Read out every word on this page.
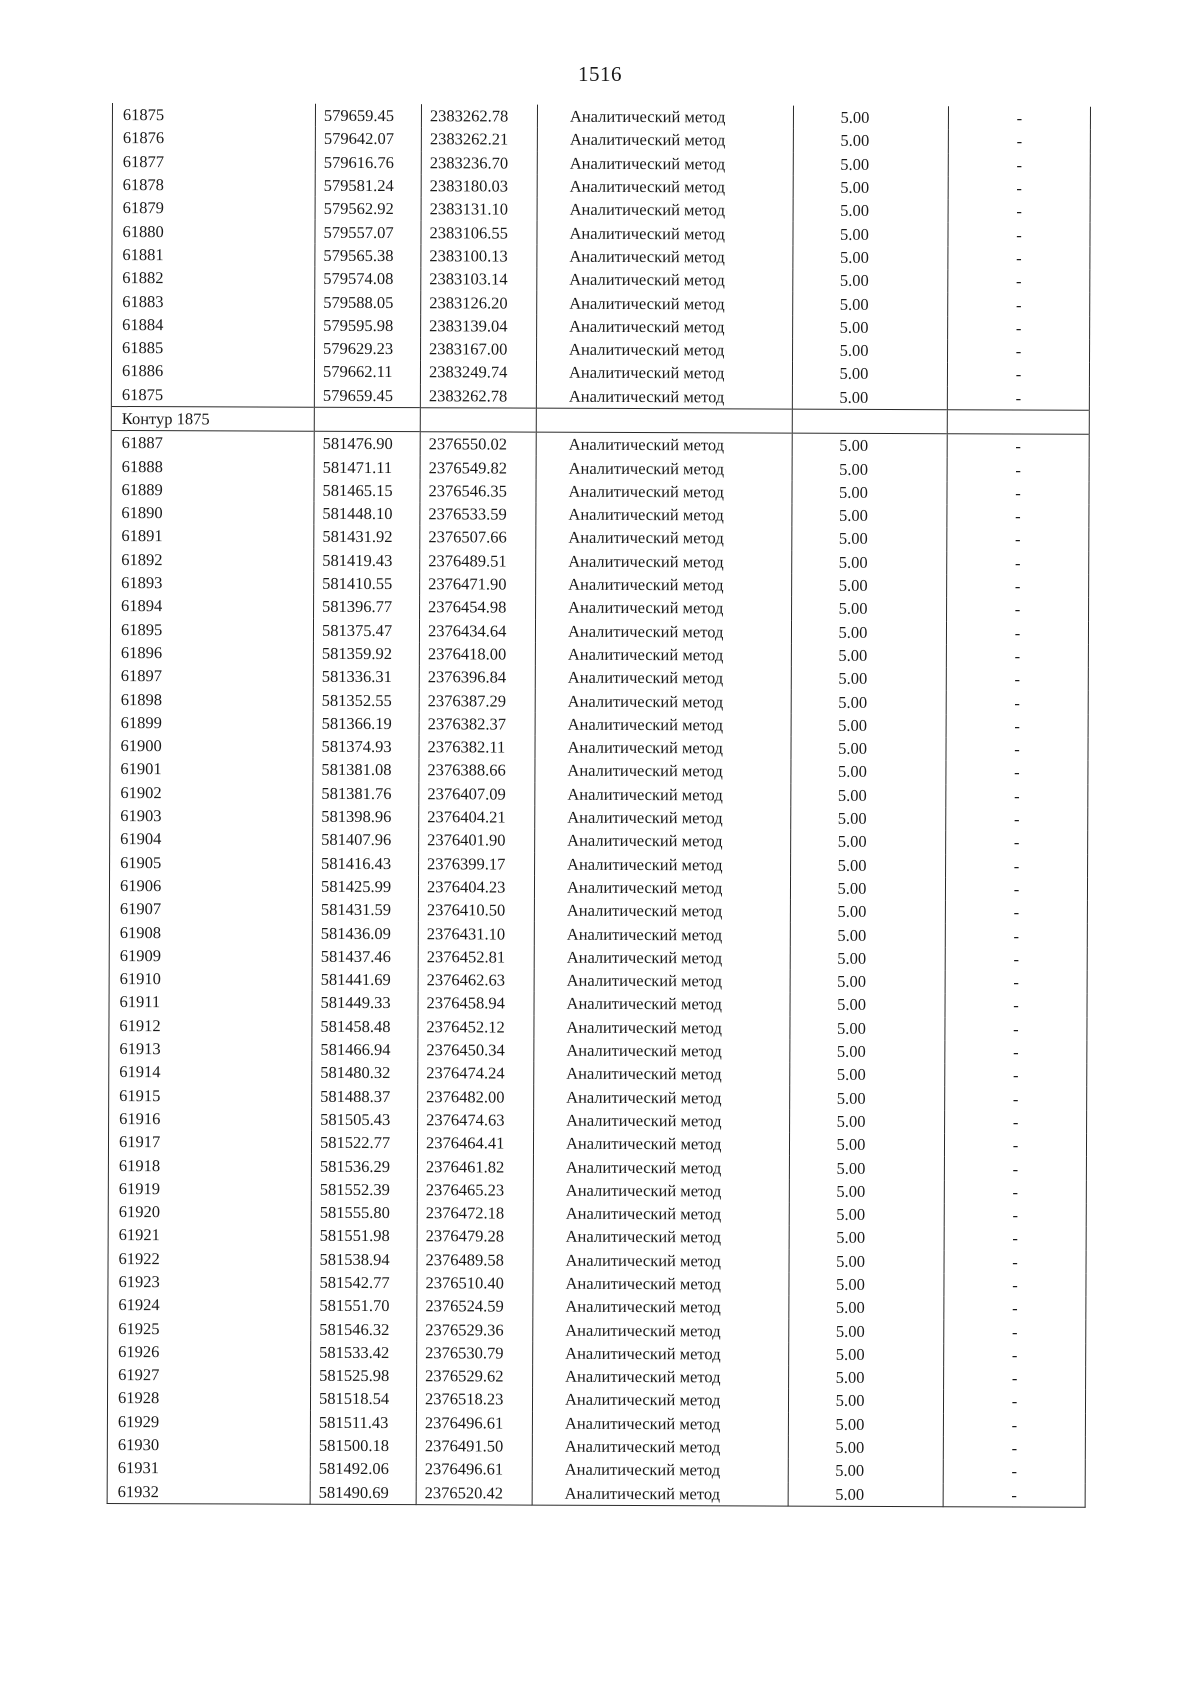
1516
61875	579659.45	2383262.78	Аналитический метод	5.00	-
61876	579642.07	2383262.21	Аналитический метод	5.00	-
61877	579616.76	2383236.70	Аналитический метод	5.00	-
61878	579581.24	2383180.03	Аналитический метод	5.00	-
61879	579562.92	2383131.10	Аналитический метод	5.00	-
61880	579557.07	2383106.55	Аналитический метод	5.00	-
61881	579565.38	2383100.13	Аналитический метод	5.00	-
61882	579574.08	2383103.14	Аналитический метод	5.00	-
61883	579588.05	2383126.20	Аналитический метод	5.00	-
61884	579595.98	2383139.04	Аналитический метод	5.00	-
61885	579629.23	2383167.00	Аналитический метод	5.00	-
61886	579662.11	2383249.74	Аналитический метод	5.00	-
61875	579659.45	2383262.78	Аналитический метод	5.00	-
Контур 1875					
61887	581476.90	2376550.02	Аналитический метод	5.00	-
61888	581471.11	2376549.82	Аналитический метод	5.00	-
61889	581465.15	2376546.35	Аналитический метод	5.00	-
61890	581448.10	2376533.59	Аналитический метод	5.00	-
61891	581431.92	2376507.66	Аналитический метод	5.00	-
61892	581419.43	2376489.51	Аналитический метод	5.00	-
61893	581410.55	2376471.90	Аналитический метод	5.00	-
61894	581396.77	2376454.98	Аналитический метод	5.00	-
61895	581375.47	2376434.64	Аналитический метод	5.00	-
61896	581359.92	2376418.00	Аналитический метод	5.00	-
61897	581336.31	2376396.84	Аналитический метод	5.00	-
61898	581352.55	2376387.29	Аналитический метод	5.00	-
61899	581366.19	2376382.37	Аналитический метод	5.00	-
61900	581374.93	2376382.11	Аналитический метод	5.00	-
61901	581381.08	2376388.66	Аналитический метод	5.00	-
61902	581381.76	2376407.09	Аналитический метод	5.00	-
61903	581398.96	2376404.21	Аналитический метод	5.00	-
61904	581407.96	2376401.90	Аналитический метод	5.00	-
61905	581416.43	2376399.17	Аналитический метод	5.00	-
61906	581425.99	2376404.23	Аналитический метод	5.00	-
61907	581431.59	2376410.50	Аналитический метод	5.00	-
61908	581436.09	2376431.10	Аналитический метод	5.00	-
61909	581437.46	2376452.81	Аналитический метод	5.00	-
61910	581441.69	2376462.63	Аналитический метод	5.00	-
61911	581449.33	2376458.94	Аналитический метод	5.00	-
61912	581458.48	2376452.12	Аналитический метод	5.00	-
61913	581466.94	2376450.34	Аналитический метод	5.00	-
61914	581480.32	2376474.24	Аналитический метод	5.00	-
61915	581488.37	2376482.00	Аналитический метод	5.00	-
61916	581505.43	2376474.63	Аналитический метод	5.00	-
61917	581522.77	2376464.41	Аналитический метод	5.00	-
61918	581536.29	2376461.82	Аналитический метод	5.00	-
61919	581552.39	2376465.23	Аналитический метод	5.00	-
61920	581555.80	2376472.18	Аналитический метод	5.00	-
61921	581551.98	2376479.28	Аналитический метод	5.00	-
61922	581538.94	2376489.58	Аналитический метод	5.00	-
61923	581542.77	2376510.40	Аналитический метод	5.00	-
61924	581551.70	2376524.59	Аналитический метод	5.00	-
61925	581546.32	2376529.36	Аналитический метод	5.00	-
61926	581533.42	2376530.79	Аналитический метод	5.00	-
61927	581525.98	2376529.62	Аналитический метод	5.00	-
61928	581518.54	2376518.23	Аналитический метод	5.00	-
61929	581511.43	2376496.61	Аналитический метод	5.00	-
61930	581500.18	2376491.50	Аналитический метод	5.00	-
61931	581492.06	2376496.61	Аналитический метод	5.00	-
61932	581490.69	2376520.42	Аналитический метод	5.00	-
